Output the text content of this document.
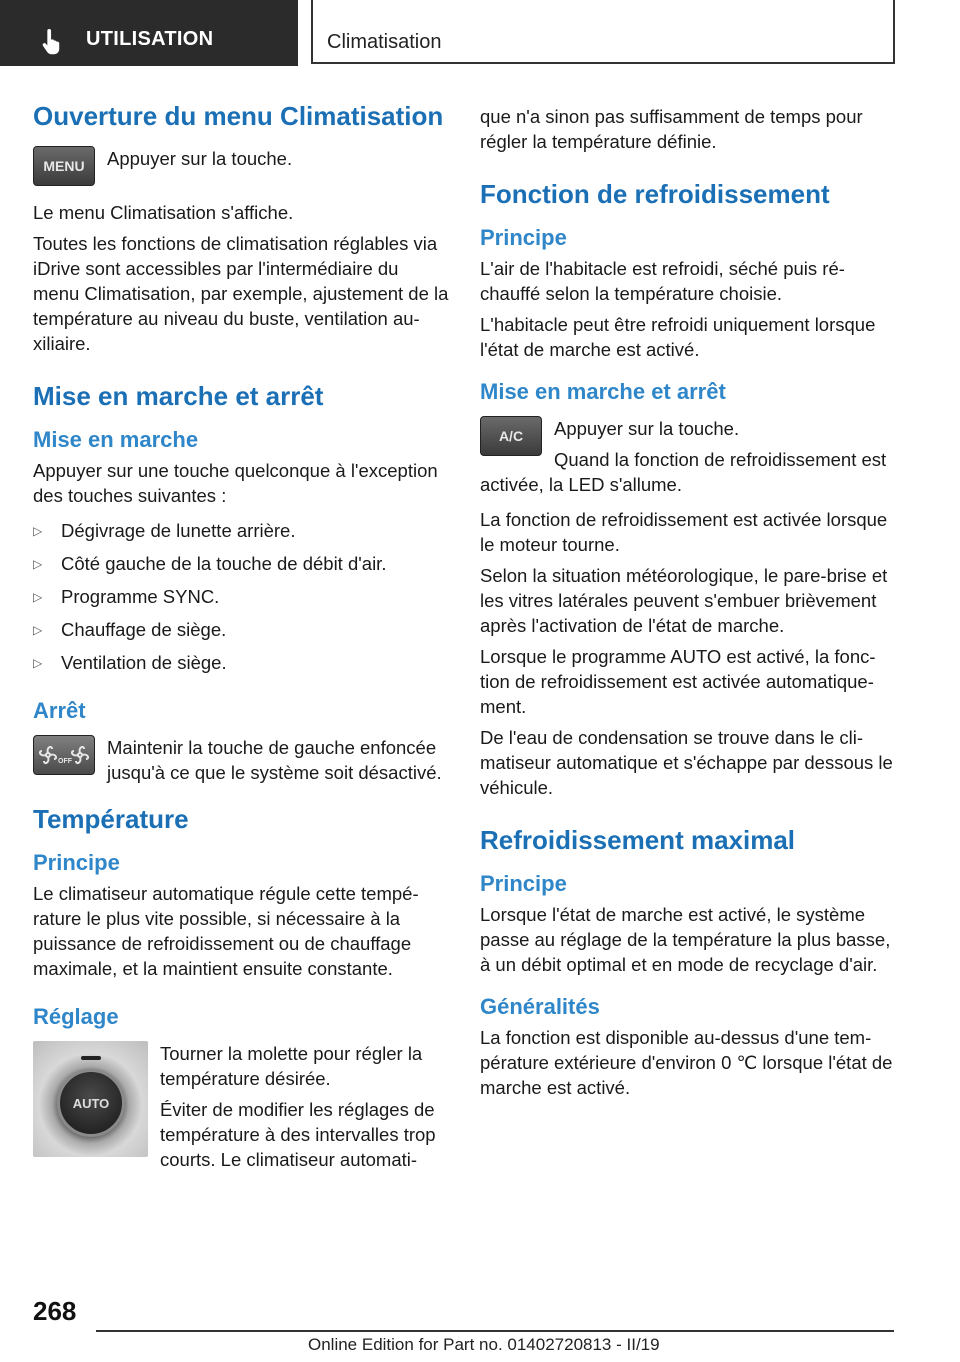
UTILISATION	Climatisation
Ouverture du menu Climatisation
MENU	Appuyer sur la touche.

Le menu Climatisation s'affiche.

Toutes les fonctions de climatisation réglables via iDrive sont accessibles par l'intermédiaire du menu Climatisation, par exemple, ajustement de la température au niveau du buste, ventilation auxiliaire.

Mise en marche et arrêt
Mise en marche

Appuyer sur une touche quelconque à l'exception des touches suivantes :

▷	Dégivrage de lunette arrière.
▷	Côté gauche de la touche de débit d'air.
▷	Programme SYNC.
▷	Chauffage de siège.
▷	Ventilation de siège.
Arrêt
OFF

Maintenir la touche de gauche enfoncée jusqu'à ce que le système soit désactivé.

Température
Principe

Le climatiseur automatique régule cette température le plus vite possible, si nécessaire à la puissance de refroidissement ou de chauffage maximale, et la maintient ensuite constante.

Réglage
AUTO

Tourner la molette pour régler la température désirée.

Éviter de modifier les réglages de température à des intervalles trop courts. Le climatiseur automati-

que n'a sinon pas suffisamment de temps pour régler la température définie.

Fonction de refroidissement
Principe

L'air de l'habitacle est refroidi, séché puis réchauffé selon la température choisie.

L'habitacle peut être refroidi uniquement lorsque l'état de marche est activé.

Mise en marche et arrêt
A/C	Appuyer sur la touche.

Quand la fonction de refroidissement est activée, la LED s'allume.

La fonction de refroidissement est activée lorsque le moteur tourne.

Selon la situation météorologique, le pare-brise et les vitres latérales peuvent s'embuer brièvement après l'activation de l'état de marche.

Lorsque le programme AUTO est activé, la fonction de refroidissement est activée automatiquement.

De l'eau de condensation se trouve dans le climatiseur automatique et s'échappe par dessous le véhicule.

Refroidissement maximal
Principe

Lorsque l'état de marche est activé, le système passe au réglage de la température la plus basse, à un débit optimal et en mode de recyclage d'air.

Généralités

La fonction est disponible au-dessus d'une température extérieure d'environ 0 ℃ lorsque l'état de marche est activé.

268
Online Edition for Part no. 01402720813 - II/19
